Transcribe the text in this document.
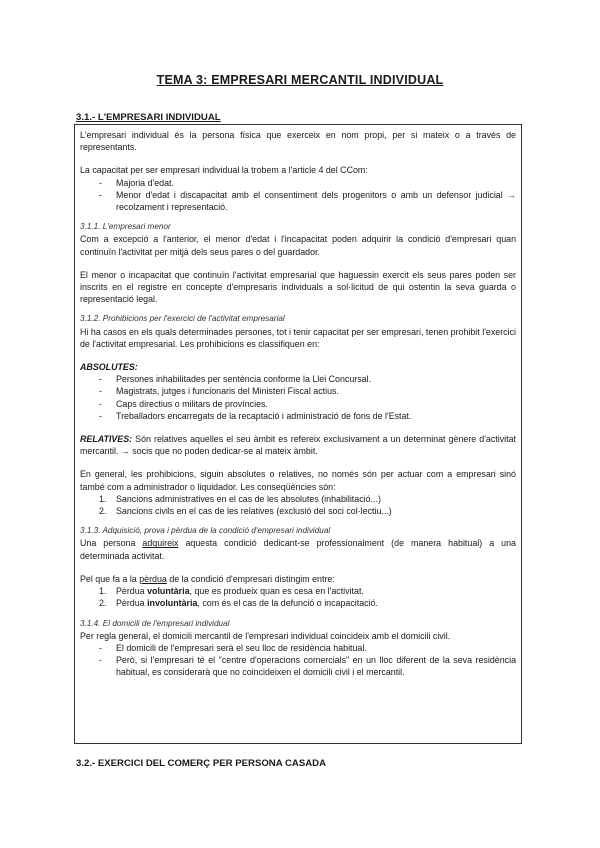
TEMA 3: EMPRESARI MERCANTIL INDIVIDUAL
3.1.- L'EMPRESARI INDIVIDUAL

L'empresari individual és la persona física que exerceix en nom propi, per si mateix o a través de representants.

La capacitat per ser empresari individual la trobem a l'article 4 del CCom:

- Majoria d'edat.
- Menor d'edat i discapacitat amb el consentiment dels progenitors o amb un defensor judicial → recolzament i representació.

3.1.1. L'empresari menor

Com a excepció a l'anterior, el menor d'edat i l'incapacitat poden adquirir la condició d'empresari quan continuïn l'activitat per mitjà dels seus pares o del guardador.

El menor o incapacitat que continuïn l'activitat empresarial que haguessin exercit els seus pares poden ser inscrits en el registre en concepte d'empresaris individuals a sol·licitud de qui ostentin la seva guarda o representació legal.

3.1.2. Prohibicions per l'exercici de l'activitat empresarial

Hi ha casos en els quals determinades persones, tot i tenir capacitat per ser empresari, tenen prohibit l'exercici de l'activitat empresarial. Les prohibicions es classifiquen en:

ABSOLUTES:

- Persones inhabilitades per sentència conforme la Llei Concursal.
- Magistrats, jutges i funcionaris del Ministeri Fiscal actius.
- Caps directius o militars de províncies.
- Treballadors encarregats de la recaptació i administració de fons de l'Estat.

RELATIVES: Són relatives aquelles el seu àmbit es refereix exclusivament a un determinat gènere d'activitat mercantil. → socis que no poden dedicar-se al mateix àmbit.

En general, les prohibicions, siguin absolutes o relatives, no només són per actuar com a empresari sinó també com a administrador o liquidador. Les conseqüències són:

1. Sancions administratives en el cas de les absolutes (inhabilitació...)
2. Sancions civils en el cas de les relatives (exclusió del soci col·lectiu...)

3.1.3. Adquisició, prova i pèrdua de la condició d'empresari individual

Una persona adquireix aquesta condició dedicant-se professionalment (de manera habitual) a una determinada activitat.

Pel que fa a la pèrdua de la condició d'empresari distingim entre:

1. Pèrdua voluntària, que es produeix quan es cesa en l'activitat.
2. Pèrdua involuntària, com és el cas de la defunció o incapacitació.

3.1.4. El domicili de l'empresari individual

Per regla general, el domicili mercantil de l'empresari individual coincideix amb el domicili civil.

- El domicili de l'empresari serà el seu lloc de residència habitual.
- Però, si l'empresari té el "centre d'operacions comercials" en un lloc diferent de la seva residència habitual, es considerarà que no coincideixen el domicili civil i el mercantil.
3.2.- EXERCICI DEL COMERÇ PER PERSONA CASADA
